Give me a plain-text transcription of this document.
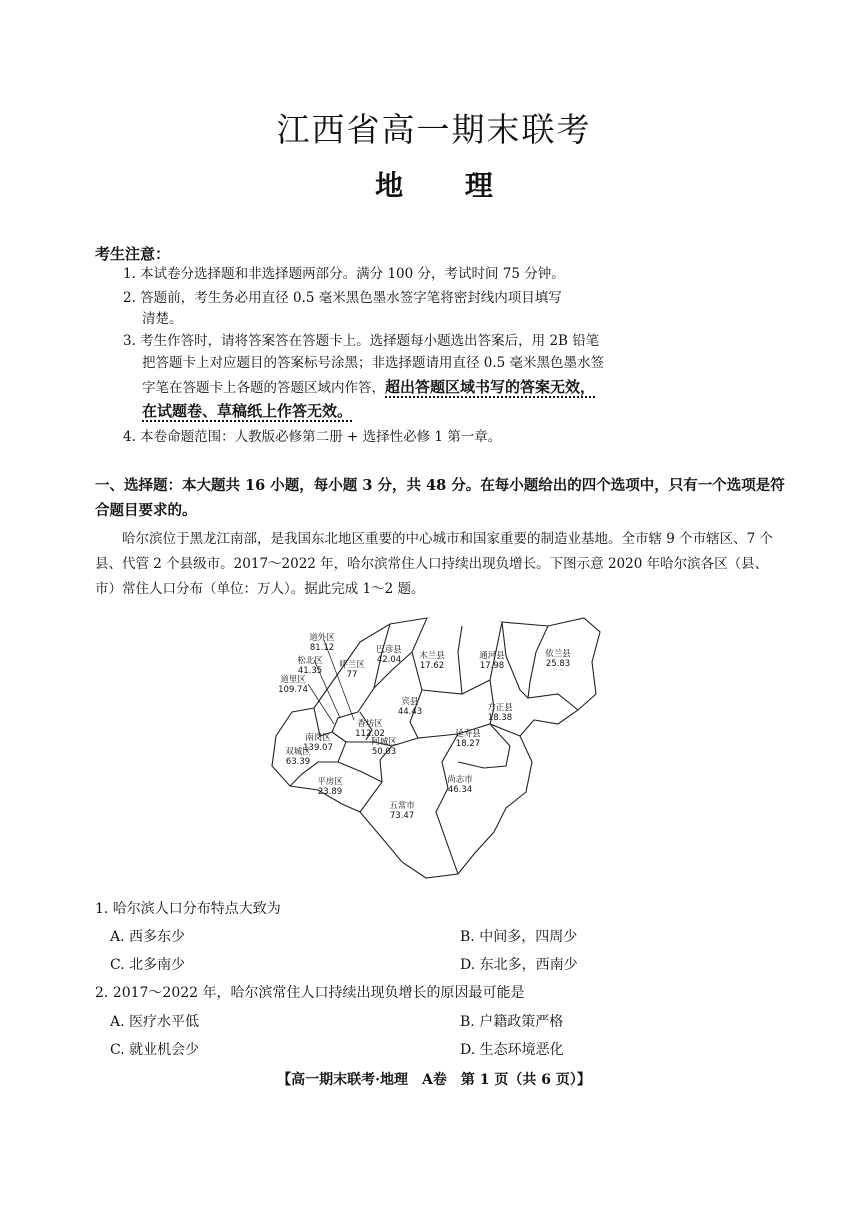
江西省高一期末联考
地 理
考生注意：
1. 本试卷分选择题和非选择题两部分。满分 100 分，考试时间 75 分钟。
2. 答题前，考生务必用直径 0.5 毫米黑色墨水签字笔将密封线内项目填写
清楚。
3. 考生作答时，请将答案答在答题卡上。选择题每小题选出答案后，用 2B 铅笔
把答题卡上对应题目的答案标号涂黑；非选择题请用直径 0.5 毫米黑色墨水签
字笔在答题卡上各题的答题区域内作答，超出答题区域书写的答案无效，
在试题卷、草稿纸上作答无效。
4. 本卷命题范围：人教版必修第二册 + 选择性必修 1 第一章。
一、选择题：本大题共 16 小题，每小题 3 分，共 48 分。在每小题给出的四个选项中，只有一个选项是符合题目要求的。
哈尔滨位于黑龙江南部，是我国东北地区重要的中心城市和国家重要的制造业基地。全市辖 9 个市辖区、7 个县、代管 2 个县级市。2017～2022 年，哈尔滨常住人口持续出现负增长。下图示意 2020 年哈尔滨各区（县、市）常住人口分布（单位：万人）。据此完成 1～2 题。
道外区
81.12
松北区
41.35
呼兰区
77
道里区
109.74
巴彦县
42.04 木兰县
17.62
通河县
17.98
依兰县
25.83
宾县
44.43	方正县
18.38
南岗区
139.07
香坊区
112.02
阿城区
50.03
延寿县
18.27
双城区
63.39
平房区
23.89
尚志市
46.34
五常市
73.47
1. 哈尔滨人口分布特点大致为
A. 西多东少	B. 中间多，四周少
C. 北多南少	D. 东北多，西南少
2. 2017～2022 年，哈尔滨常住人口持续出现负增长的原因最可能是
A. 医疗水平低	B. 户籍政策严格
C. 就业机会少	D. 生态环境恶化
【高一期末联考·地理　A卷　第 1 页（共 6 页）】
